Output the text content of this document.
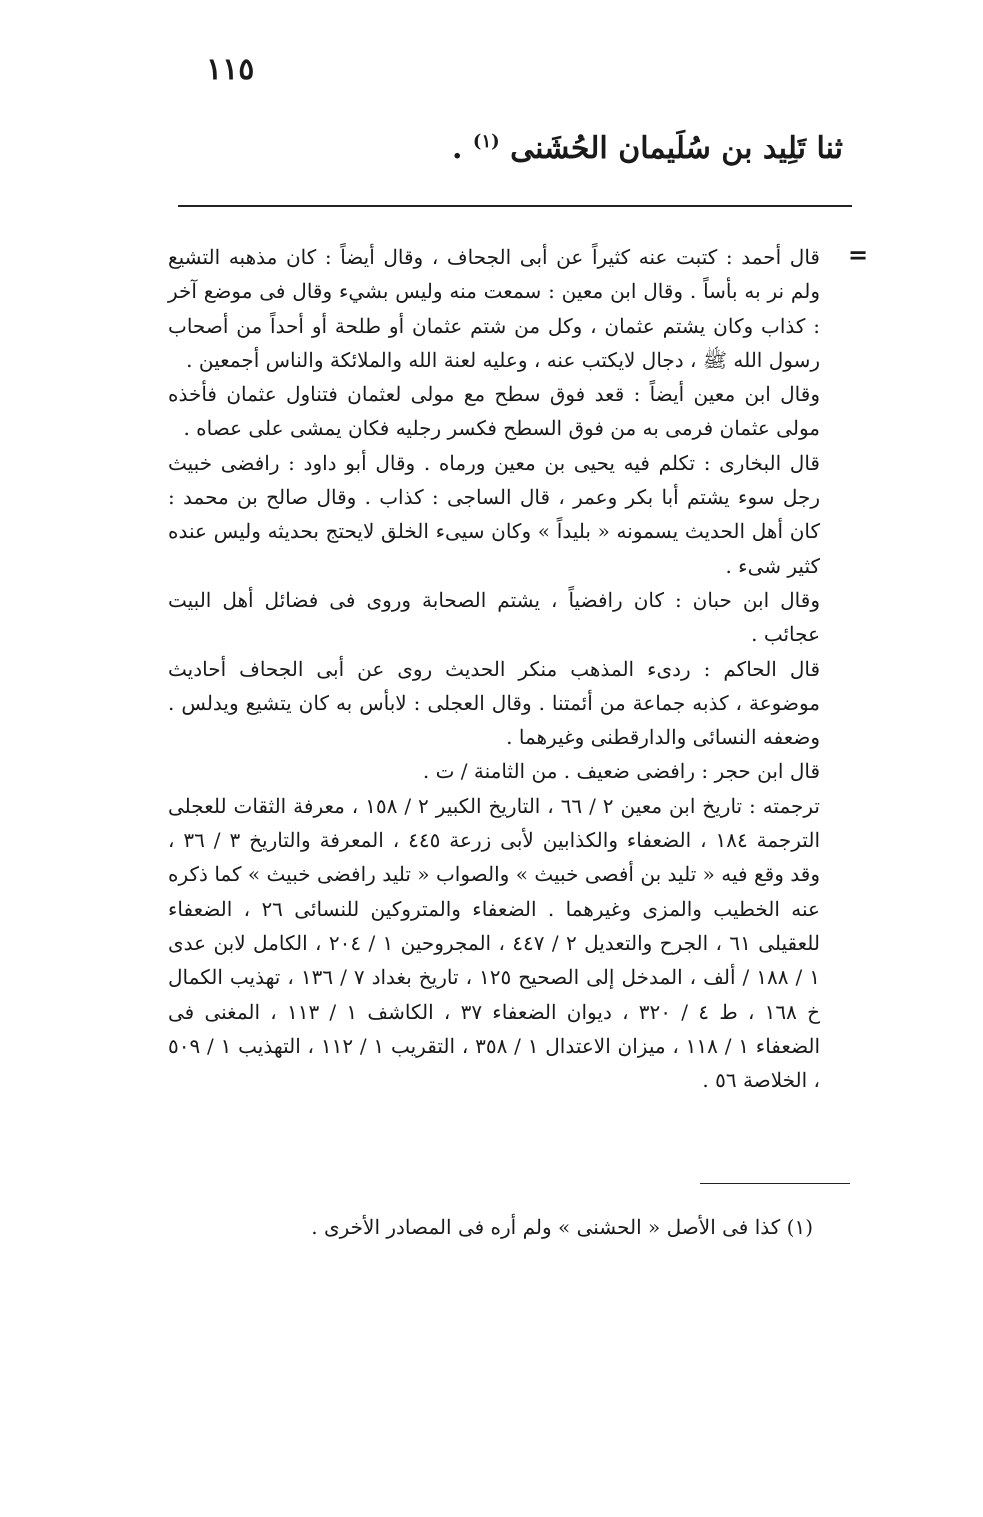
١١٥
ثنا تَلِيد بن سُلَيمان الحُشَنى $^{(١)}$ .
=

قال أحمد : كتبت عنه كثيراً عن أبى الجحاف ، وقال أيضاً : كان مذهبه التشيع ولم نر به بأساً . وقال ابن معين : سمعت منه وليس بشيء وقال فى موضع آخر : كذاب وكان يشتم عثمان ، وكل من شتم عثمان أو طلحة أو أحداً من أصحاب رسول الله ﷺ ، دجال لايكتب عنه ، وعليه لعنة الله والملائكة والناس أجمعين .

وقال ابن معين أيضاً : قعد فوق سطح مع مولى لعثمان فتناول عثمان فأخذه مولى عثمان فرمى به من فوق السطح فكسر رجليه فكان يمشى على عصاه .

قال البخارى : تكلم فيه يحيى بن معين ورماه . وقال أبو داود : رافضى خبيث رجل سوء يشتم أبا بكر وعمر ، قال الساجى : كذاب . وقال صالح بن محمد : كان أهل الحديث يسمونه « بليداً » وكان سيىء الخلق لايحتج بحديثه وليس عنده كثير شىء .

وقال ابن حبان : كان رافضياً ، يشتم الصحابة وروى فى فضائل أهل البيت عجائب .

قال الحاكم : ردىء المذهب منكر الحديث روى عن أبى الجحاف أحاديث موضوعة ، كذبه جماعة من أئمتنا . وقال العجلى : لابأس به كان يتشيع ويدلس . وضعفه النسائى والدارقطنى وغيرهما .

قال ابن حجر : رافضى ضعيف . من الثامنة / ت .

ترجمته : تاريخ ابن معين ٢ / ٦٦ ، التاريخ الكبير ٢ / ١٥٨ ، معرفة الثقات للعجلى الترجمة ١٨٤ ، الضعفاء والكذابين لأبى زرعة ٤٤٥ ، المعرفة والتاريخ ٣ / ٣٦ ، وقد وقع فيه « تليد بن أفصى خبيث » والصواب « تليد رافضى خبيث » كما ذكره عنه الخطيب والمزى وغيرهما . الضعفاء والمتروكين للنسائى ٢٦ ، الضعفاء للعقيلى ٦١ ، الجرح والتعديل ٢ / ٤٤٧ ، المجروحين ١ / ٢٠٤ ، الكامل لابن عدى ١ / ١٨٨ / ألف ، المدخل إلى الصحيح ١٢٥ ، تاريخ بغداد ٧ / ١٣٦ ، تهذيب الكمال خ ١٦٨ ، ط ٤ / ٣٢٠ ، ديوان الضعفاء ٣٧ ، الكاشف ١ / ١١٣ ، المغنى فى الضعفاء ١ / ١١٨ ، ميزان الاعتدال ١ / ٣٥٨ ، التقريب ١ / ١١٢ ، التهذيب ١ / ٥٠٩ ، الخلاصة ٥٦ .

(١) كذا فى الأصل « الحشنى » ولم أره فى المصادر الأخرى .
